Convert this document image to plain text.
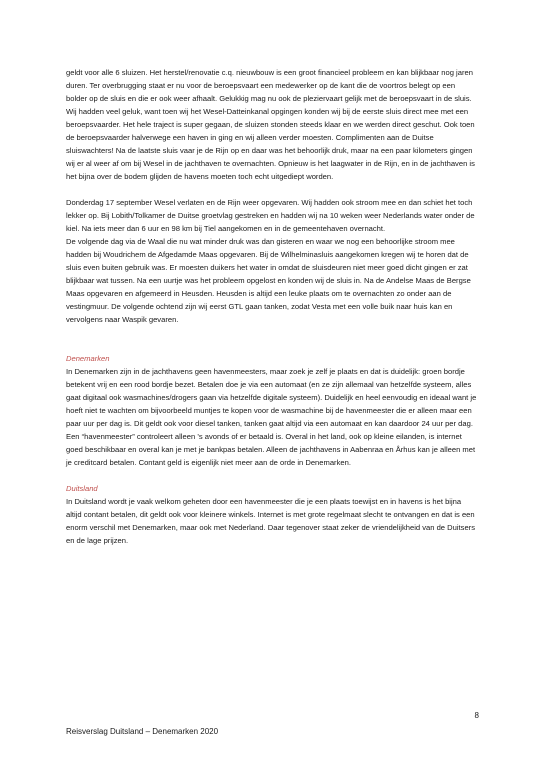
geldt voor alle 6 sluizen. Het herstel/renovatie c.q. nieuwbouw is een groot financieel probleem en kan blijkbaar nog jaren duren. Ter overbrugging staat er nu voor de beroepsvaart een medewerker op de kant die de voortros belegt op een bolder op de sluis en die er ook weer afhaalt. Gelukkig mag nu ook de pleziervaart gelijk met de beroepsvaart in de sluis. Wij hadden veel geluk, want toen wij het Wesel-Datteinkanal opgingen konden wij bij de eerste sluis direct mee met een beroepsvaarder. Het hele traject is super gegaan, de sluizen stonden steeds klaar en we werden direct geschut. Ook toen de beroepsvaarder halverwege een haven in ging en wij alleen verder moesten. Complimenten aan de Duitse sluiswachters! Na de laatste sluis vaar je de Rijn op en daar was het behoorlijk druk, maar na een paar kilometers gingen wij er al weer af om bij Wesel in de jachthaven te overnachten. Opnieuw is het laagwater in de Rijn, en in de jachthaven is het bijna over de bodem glijden de havens moeten toch echt uitgediept worden.

Donderdag 17 september Wesel verlaten en de Rijn weer opgevaren. Wij hadden ook stroom mee en dan schiet het toch lekker op. Bij Lobith/Tolkamer de Duitse groetvlag gestreken en hadden wij na 10 weken weer Nederlands water onder de kiel. Na iets meer dan 6 uur en 98 km bij Tiel aangekomen en in de gemeentehaven overnacht.

De volgende dag via de Waal die nu wat minder druk was dan gisteren en waar we nog een behoorlijke stroom mee hadden bij Woudrichem de Afgedamde Maas opgevaren. Bij de Wilhelminasluis aangekomen kregen wij te horen dat de sluis even buiten gebruik was. Er moesten duikers het water in omdat de sluisdeuren niet meer goed dicht gingen er zat blijkbaar wat tussen. Na een uurtje was het probleem opgelost en konden wij de sluis in. Na de Andelse Maas de Bergse Maas opgevaren en afgemeerd in Heusden. Heusden is altijd een leuke plaats om te overnachten zo onder aan de vestingmuur. De volgende ochtend zijn wij eerst GTL gaan tanken, zodat Vesta met een volle buik naar huis kan en vervolgens naar Waspik gevaren.

Denemarken

In Denemarken zijn in de jachthavens geen havenmeesters, maar zoek je zelf je plaats en dat is duidelijk: groen bordje betekent vrij en een rood bordje bezet. Betalen doe je via een automaat (en ze zijn allemaal van hetzelfde systeem, alles gaat digitaal ook wasmachines/drogers gaan via hetzelfde digitale systeem). Duidelijk en heel eenvoudig en ideaal want je hoeft niet te wachten om bijvoorbeeld muntjes te kopen voor de wasmachine bij de havenmeester die er alleen maar een paar uur per dag is. Dit geldt ook voor diesel tanken, tanken gaat altijd via een automaat en kan daardoor 24 uur per dag. Een “havenmeester” controleert alleen ’s avonds of er betaald is. Overal in het land, ook op kleine eilanden, is internet goed beschikbaar en overal kan je met je bankpas betalen. Alleen de jachthavens in Aabenraa en Århus kan je alleen met je creditcard betalen. Contant geld is eigenlijk niet meer aan de orde in Denemarken.

Duitsland

In Duitsland wordt je vaak welkom geheten door een havenmeester die je een plaats toewijst en in havens is het bijna altijd contant betalen, dit geldt ook voor kleinere winkels. Internet is met grote regelmaat slecht te ontvangen en dat is een enorm verschil met Denemarken, maar ook met Nederland. Daar tegenover staat zeker de vriendelijkheid van de Duitsers en de lage prijzen.

8
Reisverslag Duitsland – Denemarken 2020
